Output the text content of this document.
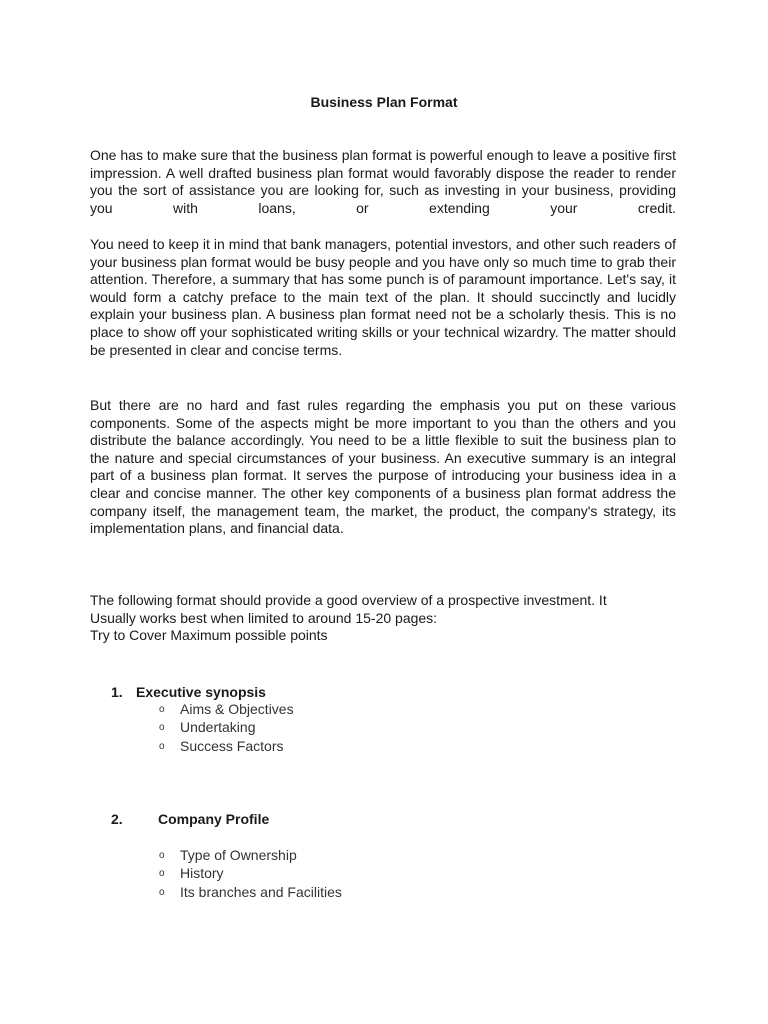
Business Plan Format

One has to make sure that the business plan format is powerful enough to leave a positive first impression. A well drafted business plan format would favorably dispose the reader to render you the sort of assistance you are looking for, such as investing in your business, providing you with loans, or extending your credit.

You need to keep it in mind that bank managers, potential investors, and other such readers of your business plan format would be busy people and you have only so much time to grab their attention. Therefore, a summary that has some punch is of paramount importance. Let's say, it would form a catchy preface to the main text of the plan. It should succinctly and lucidly explain your business plan. A business plan format need not be a scholarly thesis. This is no place to show off your sophisticated writing skills or your technical wizardry. The matter should be presented in clear and concise terms.

But there are no hard and fast rules regarding the emphasis you put on these various components. Some of the aspects might be more important to you than the others and you distribute the balance accordingly. You need to be a little flexible to suit the business plan to the nature and special circumstances of your business. An executive summary is an integral part of a business plan format. It serves the purpose of introducing your business idea in a clear and concise manner. The other key components of a business plan format address the company itself, the management team, the market, the product, the company's strategy, its implementation plans, and financial data.

The following format should provide a good overview of a prospective investment. It
Usually works best when limited to around 15-20 pages:
Try to Cover Maximum possible points
1. Executive synopsis
o Aims & Objectives
o Undertaking
o Success Factors
2.	Company Profile
o Type of Ownership
o History
o Its branches and Facilities
